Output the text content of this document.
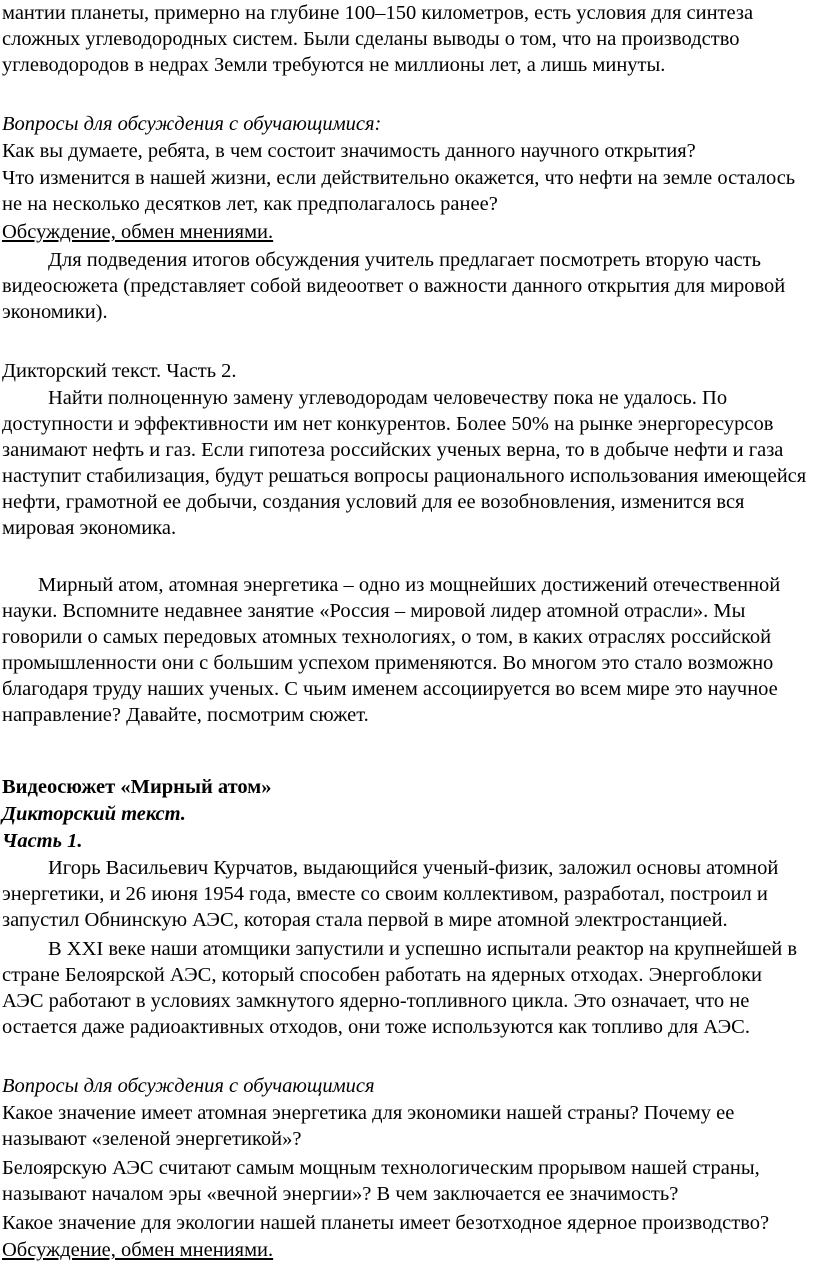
мантии планеты, примерно на глубине 100–150 километров, есть условия для синтеза сложных углеводородных систем. Были сделаны выводы о том, что на производство углеводородов в недрах Земли требуются не миллионы лет, а лишь минуты.

Вопросы для обсуждения с обучающимися:

Как вы думаете, ребята, в чем состоит значимость данного научного открытия?

Что изменится в нашей жизни, если действительно окажется, что нефти на земле осталось не на несколько десятков лет, как предполагалось ранее?

Обсуждение, обмен мнениями.

Для подведения итогов обсуждения учитель предлагает посмотреть вторую часть видеосюжета (представляет собой видеоответ о важности данного открытия для мировой экономики).

Дикторский текст. Часть 2.

Найти полноценную замену углеводородам человечеству пока не удалось. По доступности и эффективности им нет конкурентов. Более 50% на рынке энергоресурсов занимают нефть и газ. Если гипотеза российских ученых верна, то в добыче нефти и газа наступит стабилизация, будут решаться вопросы рационального использования имеющейся нефти, грамотной ее добычи, создания условий для ее возобновления, изменится вся мировая экономика.

Мирный атом, атомная энергетика – одно из мощнейших достижений отечественной науки. Вспомните недавнее занятие «Россия – мировой лидер атомной отрасли». Мы говорили о самых передовых атомных технологиях, о том, в каких отраслях российской промышленности они с большим успехом применяются. Во многом это стало возможно благодаря труду наших ученых. С чьим именем ассоциируется во всем мире это научное направление? Давайте, посмотрим сюжет.

Видеосюжет «Мирный атом»

Дикторский текст.

Часть 1.

Игорь Васильевич Курчатов, выдающийся ученый-физик, заложил основы атомной энергетики, и 26 июня 1954 года, вместе со своим коллективом, разработал, построил и запустил Обнинскую АЭС, которая стала первой в мире атомной электростанцией.

В XXI веке наши атомщики запустили и успешно испытали реактор на крупнейшей в стране Белоярской АЭС, который способен работать на ядерных отходах. Энергоблоки АЭС работают в условиях замкнутого ядерно-топливного цикла. Это означает, что не остается даже радиоактивных отходов, они тоже используются как топливо для АЭС.

Вопросы для обсуждения с обучающимися

Какое значение имеет атомная энергетика для экономики нашей страны? Почему ее называют «зеленой энергетикой»?

Белоярскую АЭС считают самым мощным технологическим прорывом нашей страны, называют началом эры «вечной энергии»? В чем заключается ее значимость?

Какое значение для экологии нашей планеты имеет безотходное ядерное производство?

Обсуждение, обмен мнениями.
